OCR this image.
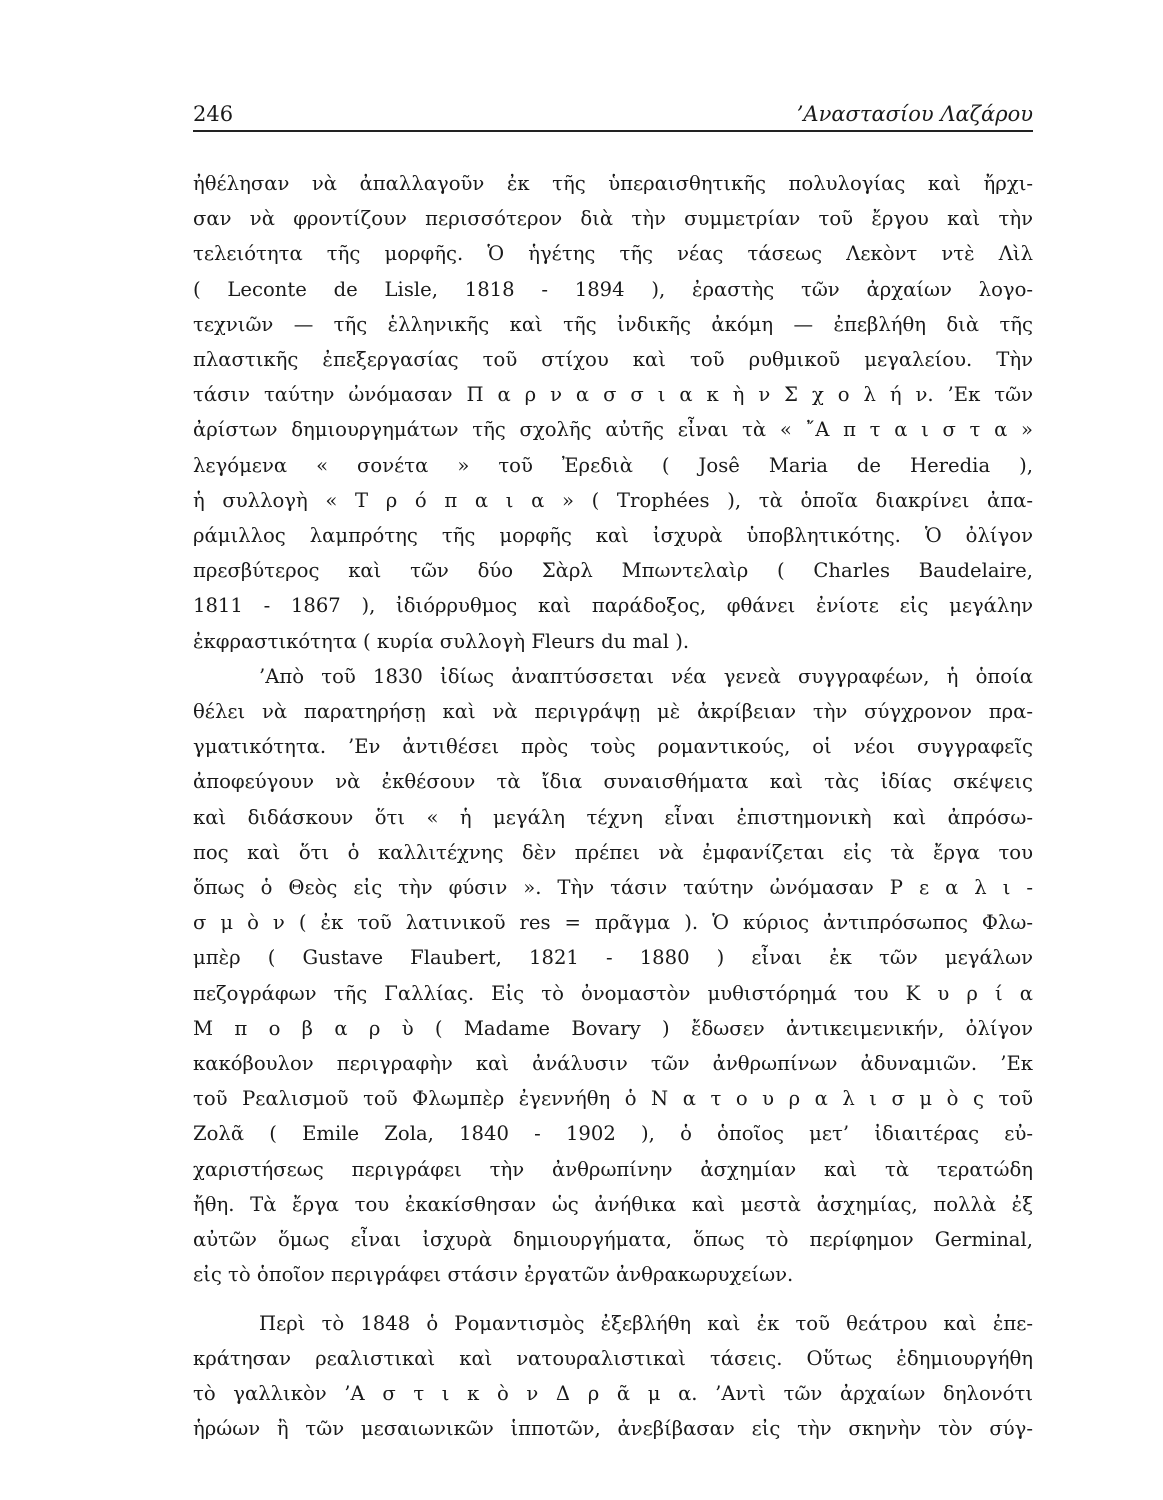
246	’Αναστασίου Λαζάρου
ἠθέλησαν νὰ ἀπαλλαγοῦν ἐκ τῆς ὑπεραισθητικῆς πολυλογίας καὶ ἤρχι-
σαν νὰ φροντίζουν περισσότερον διὰ τὴν συμμετρίαν τοῦ ἔργου καὶ τὴν
τελειότητα τῆς μορφῆς. Ὁ ἡγέτης τῆς νέας τάσεως Λεκὸντ ντὲ Λὶλ
( Leconte de Lisle, 1818 - 1894 ), ἐραστὴς τῶν ἀρχαίων λογο-
τεχνιῶν — τῆς ἑλληνικῆς καὶ τῆς ἰνδικῆς ἀκόμη — ἐπεβλήθη διὰ τῆς
πλαστικῆς ἐπεξεργασίας τοῦ στίχου καὶ τοῦ ρυθμικοῦ μεγαλείου. Τὴν
τάσιν ταύτην ὠνόμασαν Π α ρ ν α σ σ ι α κ ὴ ν Σ χ ο λ ή ν. ’Εκ τῶν
ἀρίστων δημιουργημάτων τῆς σχολῆς αὐτῆς εἶναι τὰ « ῎Α π τ α ι σ τ α »
λεγόμενα « σονέτα » τοῦ Ἐρεδιὰ ( Josê Maria de Heredia ),
ἡ συλλογὴ « Τ ρ ό π α ι α » ( Trophées ), τὰ ὁποῖα διακρίνει ἀπα-
ράμιλλος λαμπρότης τῆς μορφῆς καὶ ἰσχυρὰ ὑποβλητικότης. Ὁ ὀλίγον
πρεσβύτερος καὶ τῶν δύο Σὰρλ Μπωντελαὶρ ( Charles Baudelaire,
1811 - 1867 ), ἰδιόρρυθμος καὶ παράδοξος, φθάνει ἐνίοτε εἰς μεγάλην
ἐκφραστικότητα ( κυρία συλλογὴ Fleurs du mal ).
’Απὸ τοῦ 1830 ἰδίως ἀναπτύσσεται νέα γενεὰ συγγραφέων, ἡ ὁποία
θέλει νὰ παρατηρήσῃ καὶ νὰ περιγράψῃ μὲ ἀκρίβειαν τὴν σύγχρονον πρα-
γματικότητα. ’Εν ἀντιθέσει πρὸς τοὺς ρομαντικούς, οἱ νέοι συγγραφεῖς
ἀποφεύγουν νὰ ἐκθέσουν τὰ ἴδια συναισθήματα καὶ τὰς ἰδίας σκέψεις
καὶ διδάσκουν ὅτι « ἡ μεγάλη τέχνη εἶναι ἐπιστημονικὴ καὶ ἀπρόσω-
πος καὶ ὅτι ὁ καλλιτέχνης δὲν πρέπει νὰ ἐμφανίζεται εἰς τὰ ἔργα του
ὅπως ὁ Θεὸς εἰς τὴν φύσιν ». Τὴν τάσιν ταύτην ὠνόμασαν Ρ ε α λ ι -
σ μ ὸ ν ( ἐκ τοῦ λατινικοῦ res = πρᾶγμα ). Ὁ κύριος ἀντιπρόσωπος Φλω-
μπὲρ ( Gustave Flaubert, 1821 - 1880 ) εἶναι ἐκ τῶν μεγάλων
πεζογράφων τῆς Γαλλίας. Εἰς τὸ ὀνομαστὸν μυθιστόρημά του Κ υ ρ ί α
Μ π ο β α ρ ὺ ( Madame Bovary ) ἔδωσεν ἀντικειμενικήν, ὀλίγον
κακόβουλον περιγραφὴν καὶ ἀνάλυσιν τῶν ἀνθρωπίνων ἀδυναμιῶν. ’Εκ
τοῦ Ρεαλισμοῦ τοῦ Φλωμπὲρ ἐγεννήθη ὁ Ν α τ ο υ ρ α λ ι σ μ ὸ ς τοῦ
Ζολᾶ ( Emile Zola, 1840 - 1902 ), ὁ ὁποῖος μετ’ ἰδιαιτέρας εὐ-
χαριστήσεως περιγράφει τὴν ἀνθρωπίνην ἀσχημίαν καὶ τὰ τερατώδη
ἤθη. Τὰ ἔργα του ἐκακίσθησαν ὡς ἀνήθικα καὶ μεστὰ ἀσχημίας, πολλὰ ἐξ
αὐτῶν ὅμως εἶναι ἰσχυρὰ δημιουργήματα, ὅπως τὸ περίφημον Germinal,
εἰς τὸ ὁποῖον περιγράφει στάσιν ἐργατῶν ἀνθρακωρυχείων.
Περὶ τὸ 1848 ὁ Ρομαντισμὸς ἐξεβλήθη καὶ ἐκ τοῦ θεάτρου καὶ ἐπε-
κράτησαν ρεαλιστικαὶ καὶ νατουραλιστικαὶ τάσεις. Οὕτως ἐδημιουργήθη
τὸ γαλλικὸν ’Α σ τ ι κ ὸ ν Δ ρ ᾶ μ α. ’Αντὶ τῶν ἀρχαίων δηλονότι
ἡρώων ἢ τῶν μεσαιωνικῶν ἱπποτῶν, ἀνεβίβασαν εἰς τὴν σκηνὴν τὸν σύγ-
